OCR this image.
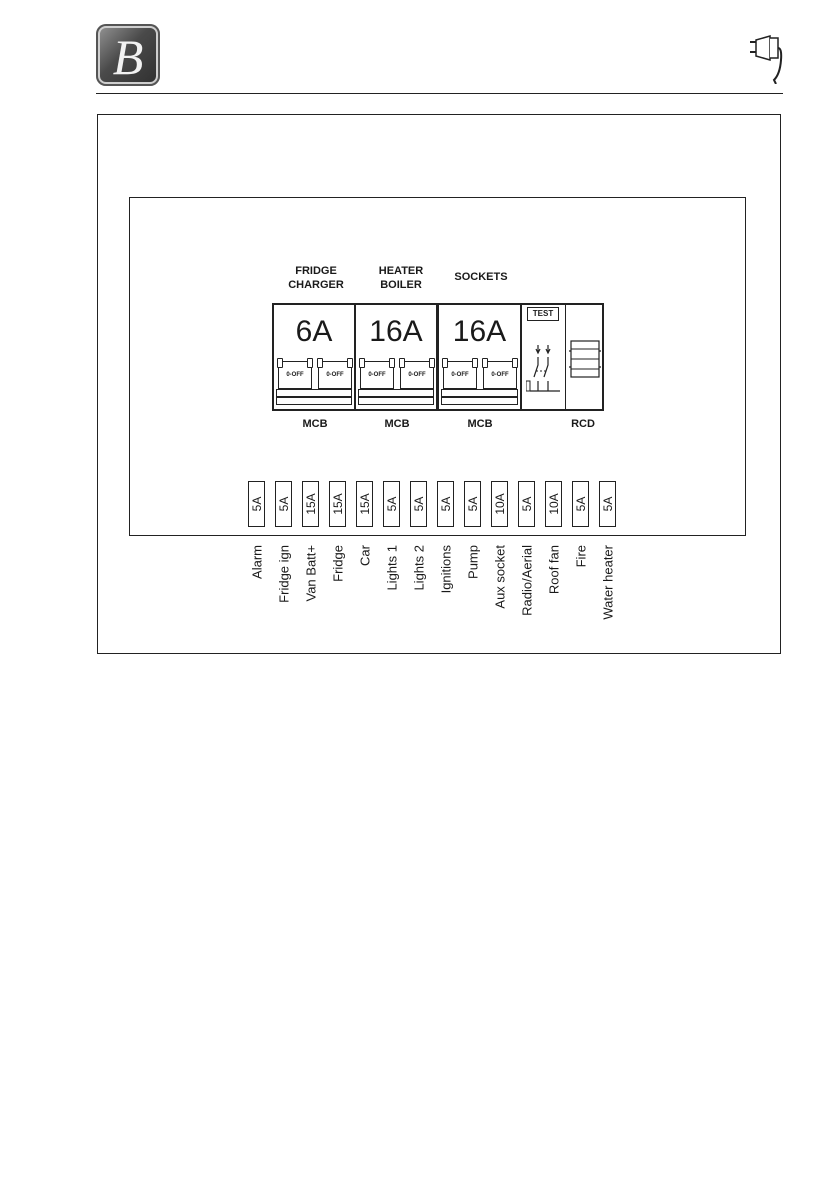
B
FRIDGE
CHARGER
HEATER
BOILER

SOCKETS
6A
0-OFF	0-OFF
16A
0-OFF	0-OFF
16A
0-OFF	0-OFF
TEST
MCB	MCB	MCB	RCD
5A
Alarm
5A
Fridge ign
15A
Van Batt+
15A
Fridge
15A
Car
5A
Lights 1
5A
Lights 2
5A
Ignitions
5A
Pump
10A
Aux socket
5A
Radio/Aerial
10A
Roof fan
5A
Fire
5A
Water heater
